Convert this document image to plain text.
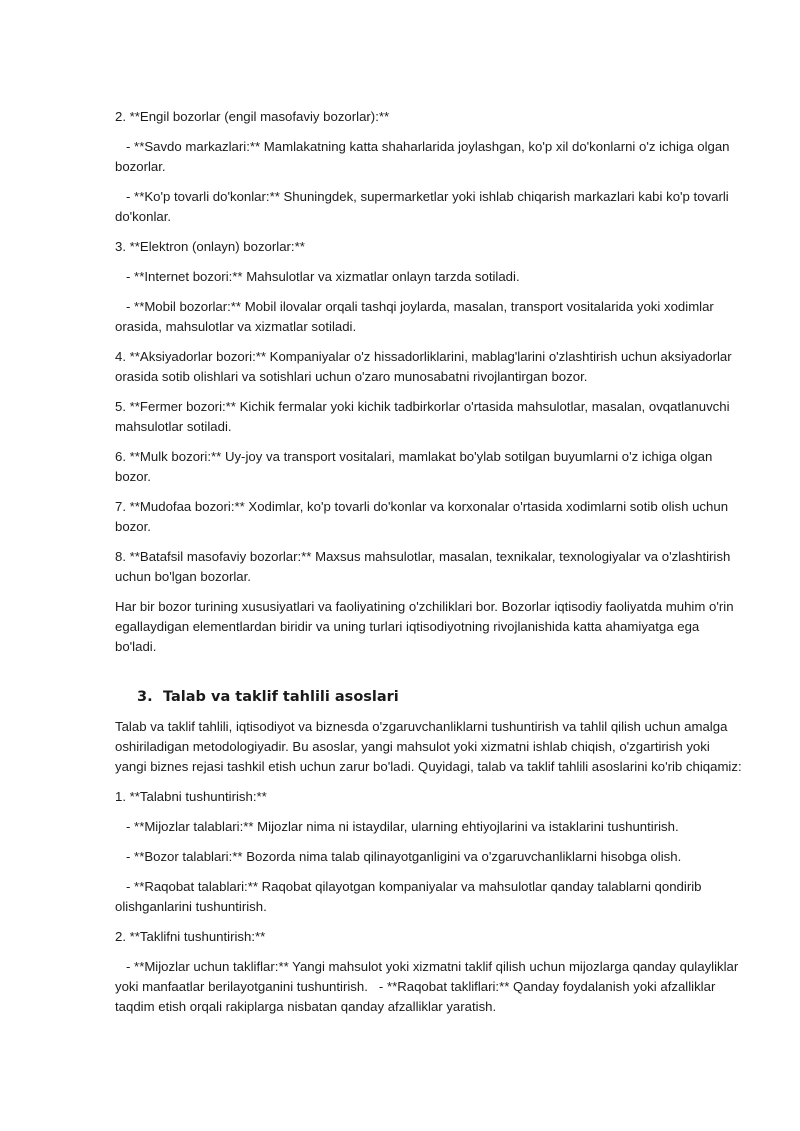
2. **Engil bozorlar (engil masofaviy bozorlar):**

- **Savdo markazlari:** Mamlakatning katta shaharlarida joylashgan, ko'p xil do'konlarni o'z ichiga olgan bozorlar.

- **Ko'p tovarli do'konlar:** Shuningdek, supermarketlar yoki ishlab chiqarish markazlari kabi ko'p tovarli do'konlar.

3. **Elektron (onlayn) bozorlar:**

- **Internet bozori:** Mahsulotlar va xizmatlar onlayn tarzda sotiladi.

- **Mobil bozorlar:** Mobil ilovalar orqali tashqi joylarda, masalan, transport vositalarida yoki xodimlar orasida, mahsulotlar va xizmatlar sotiladi.

4. **Aksiyadorlar bozori:** Kompaniyalar o'z hissadorliklarini, mablag'larini o'zlashtirish uchun aksiyadorlar orasida sotib olishlari va sotishlari uchun o'zaro munosabatni rivojlantirgan bozor.

5. **Fermer bozori:** Kichik fermalar yoki kichik tadbirkorlar o'rtasida mahsulotlar, masalan, ovqatlanuvchi mahsulotlar sotiladi.

6. **Mulk bozori:** Uy-joy va transport vositalari, mamlakat bo'ylab sotilgan buyumlarni o'z ichiga olgan bozor.

7. **Mudofaa bozori:** Xodimlar, ko'p tovarli do'konlar va korxonalar o'rtasida xodimlarni sotib olish uchun bozor.

8. **Batafsil masofaviy bozorlar:** Maxsus mahsulotlar, masalan, texnikalar, texnologiyalar va o'zlashtirish uchun bo'lgan bozorlar.

Har bir bozor turining xususiyatlari va faoliyatining o'zchiliklari bor. Bozorlar iqtisodiy faoliyatda muhim o'rin egallaydigan elementlardan biridir va uning turlari iqtisodiyotning rivojlanishida katta ahamiyatga ega bo'ladi.

3. Talab va taklif tahlili asoslari

Talab va taklif tahlili, iqtisodiyot va biznesda o'zgaruvchanliklarni tushuntirish va tahlil qilish uchun amalga oshiriladigan metodologiyadir. Bu asoslar, yangi mahsulot yoki xizmatni ishlab chiqish, o'zgartirish yoki yangi biznes rejasi tashkil etish uchun zarur bo'ladi. Quyidagi, talab va taklif tahlili asoslarini ko'rib chiqamiz:

1. **Talabni tushuntirish:**

- **Mijozlar talablari:** Mijozlar nima ni istaydilar, ularning ehtiyojlarini va istaklarini tushuntirish.

- **Bozor talablari:** Bozorda nima talab qilinayotganligini va o'zgaruvchanliklarni hisobga olish.

- **Raqobat talablari:** Raqobat qilayotgan kompaniyalar va mahsulotlar qanday talablarni qondirib olishganlarini tushuntirish.

2. **Taklifni tushuntirish:**

- **Mijozlar uchun takliflar:** Yangi mahsulot yoki xizmatni taklif qilish uchun mijozlarga qanday qulayliklar yoki manfaatlar berilayotganini tushuntirish.   - **Raqobat takliflari:** Qanday foydalanish yoki afzalliklar taqdim etish orqali rakiplarga nisbatan qanday afzalliklar yaratish.
